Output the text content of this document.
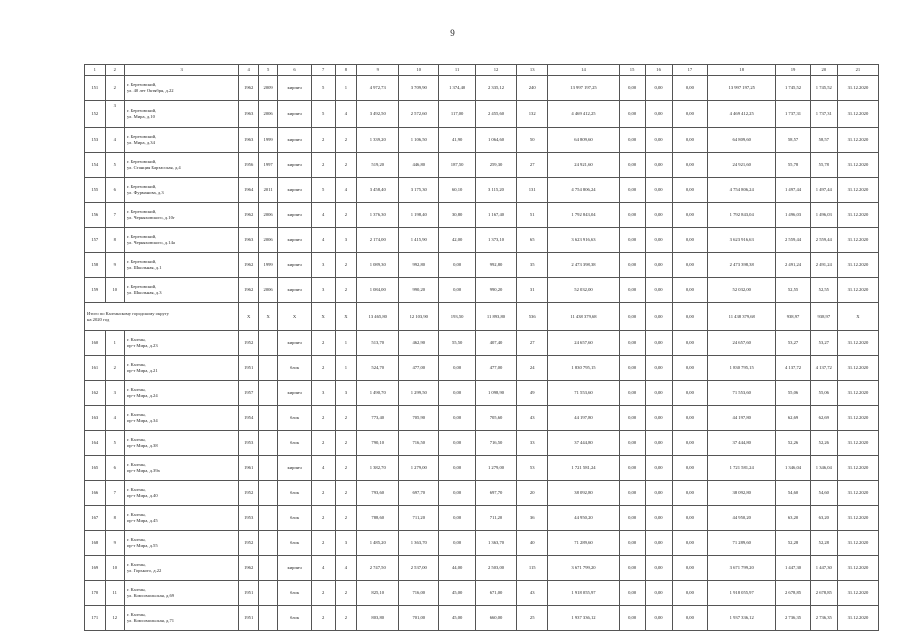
9
1	2	3	4	5	6	7	8	9	10	11	12	13	14	15	16	17	18	19	20	21
151	2	г. Березовский,
ул. 40 лет Октября, д.22	1962	2009	кирпич	5	1	4 972,73	3 709,90	1 374,40	2 335,12	240	13 997 197,25	0,00	0,00	0,00	13 997 197,25	1 745,52	1 745,52	31.12.2020
152	3	г. Березовский,
ул. Мира, д.10	1963	2006	кирпич	5	4	3 492,50	2 572,60	117,00	2 455,60	132	4 469 412,25	0,00	0,00	0,00	4 469 412,25	1 737,31	1 737,31	31.12.2020
153	4	г. Березовский,
ул. Мира, д.34	1963	1999	кирпич	2	2	1 339,20	1 106,50	41,90	1 064,60	50	64 809,60	0,00	0,00	0,00	64 809,60	58,57	58,57	31.12.2020
154	5	г. Березовский,
ул. Станция Барзасская, д.4	1956	1997	кирпич	2	2	519,20	446,80	187,50	259,30	27	24 921,60	0,00	0,00	0,00	24 921,60	55,78	55,78	31.12.2020
155	6	г. Березовский,
ул. Фурманова, д.3	1964	2011	кирпич	5	4	3 458,40	3 175,30	60,10	3 115,20	131	4 754 806,24	0,00	0,00	0,00	4 754 806,24	1 497,44	1 497,44	31.12.2020
156	7	г. Березовский,
ул. Черняховского, д.10г	1962	2006	кирпич	4	2	1 376,30	1 198,40	30,80	1 167,40	51	1 792 843,04	0,00	0,00	0,00	1 792 843,04	1 496,03	1 496,03	31.12.2020
157	8	г. Березовский,
ул. Черняховского, д.14а	1963	2006	кирпич	4	3	2 174,00	1 415,90	42,00	1 373,10	65	3 623 916,63	0,00	0,00	0,00	3 623 916,63	2 559,44	2 559,44	31.12.2020
158	9	г. Березовский,
ул. Школьная, д.1	1962	1999	кирпич	3	2	1 089,30	992,80	0,00	992,80	35	2 473 398,38	0,00	0,00	0,00	2 473 398,38	2 491,24	2 491,24	31.12.2020
159	10	г. Березовский,
ул. Школьная, д.3	1962	2006	кирпич	3	2	1 084,00	990,20	0,00	990,20	31	52 032,00	0,00	0,00	0,00	52 032,00	52,55	52,55	31.12.2020

Итого по Калтанскому городскому округу
на 2020 год			X	X	X	X	X	13 465,80	12 103,90	193,50	11 893,80	536	11 438 379,68	0,00	0,00	0,00	11 438 379,68	938,97	938,97	X
160	1	г. Калтан,
пр-т Мира, д.23	1952		кирпич	2	1	513,70	462,90	55,50	407,40	27	24 657,60	0,00	0,00	0,00	24 657,60	53,27	53,27	31.12.2020
161	2	г. Калтан,
пр-т Мира, д.21	1951		блок	2	1	524,70	477,00	0,00	477,00	24	1 830 795,15	0,00	0,00	0,00	1 830 795,15	4 137,72	4 137,72	31.12.2020
162	3	г. Калтан,
пр-т Мира, д.24	1957		кирпич	3	3	1 490,70	1 299,50	0,00	1 098,90	49	71 553,60	0,00	0,00	0,00	71 553,60	55,06	55,06	31.12.2020
163	4	г. Калтан,
пр-т Мира, д.34	1954		блок	2	2	773,40	705,90	0,00	705,60	43	44 197,80	0,00	0,00	0,00	44 197,80	62,69	62,69	31.12.2020
164	5	г. Калтан,
пр-т Мира, д.38	1953		блок	2	2	790,10	716,50	0,00	716,50	33	37 444,80	0,00	0,00	0,00	37 444,80	52,26	52,26	31.12.2020
165	6	г. Калтан,
пр-т Мира, д.39а	1961		кирпич	4	2	1 382,70	1 279,00	0,00	1 279,00	53	1 721 581,24	0,00	0,00	0,00	1 721 581,24	1 346,04	1 346,04	31.12.2020
166	7	г. Калтан,
пр-т Мира, д.40	1952		блок	2	2	793,60	697,70	0,00	697,70	20	38 092,80	0,00	0,00	0,00	38 092,80	54,60	54,60	31.12.2020
167	8	г. Калтан,
пр-т Мира, д.45	1953		блок	2	2	788,60	711,20	0,00	711,20	36	44 950,20	0,00	0,00	0,00	44 950,20	63,20	63,20	31.12.2020
168	9	г. Калтан,
пр-т Мира, д.55	1952		блок	2	3	1 485,20	1 363,70	0,00	1 363,70	40	71 289,60	0,00	0,00	0,00	71 289,60	52,28	52,28	31.12.2020
169	10	г. Калтан,
ул. Горького, д.22	1962		кирпич	4	4	2 747,50	2 537,00	44,00	2 503,00	115	3 671 799,20	0,00	0,00	0,00	3 671 799,20	1 447,30	1 447,30	31.12.2020
170	11	г. Калтан,
ул. Комсомольская, д.69	1951		блок	2	2	825,10	716,00	45,00	671,00	43	1 918 055,97	0,00	0,00	0,00	1 918 055,97	2 678,85	2 678,85	31.12.2020
171	12	г. Калтан,
ул. Комсомольская, д.71	1951		блок	2	2	803,80	701,00	45,00	660,00	25	1 937 336,12	0,00	0,00	0,00	1 937 336,12	2 736,35	2 736,35	31.12.2020
